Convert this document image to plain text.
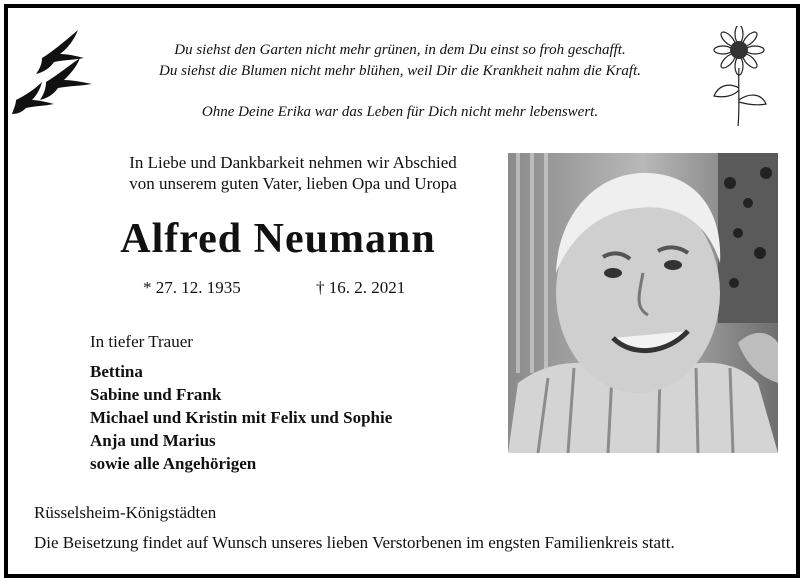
Du siehst den Garten nicht mehr grünen, in dem Du einst so froh geschafft.
Du siehst die Blumen nicht mehr blühen, weil Dir die Krankheit nahm die Kraft.
Ohne Deine Erika war das Leben für Dich nicht mehr lebenswert.
In Liebe und Dankbarkeit nehmen wir Abschied
von unserem guten Vater, lieben Opa und Uropa
Alfred Neumann
* 27. 12. 1935	† 16. 2. 2021
In tiefer Trauer
Bettina
Sabine und Frank
Michael und Kristin mit Felix und Sophie
Anja und Marius
sowie alle Angehörigen
Rüsselsheim-Königstädten
Die Beisetzung findet auf Wunsch unseres lieben Verstorbenen im engsten Familienkreis statt.
